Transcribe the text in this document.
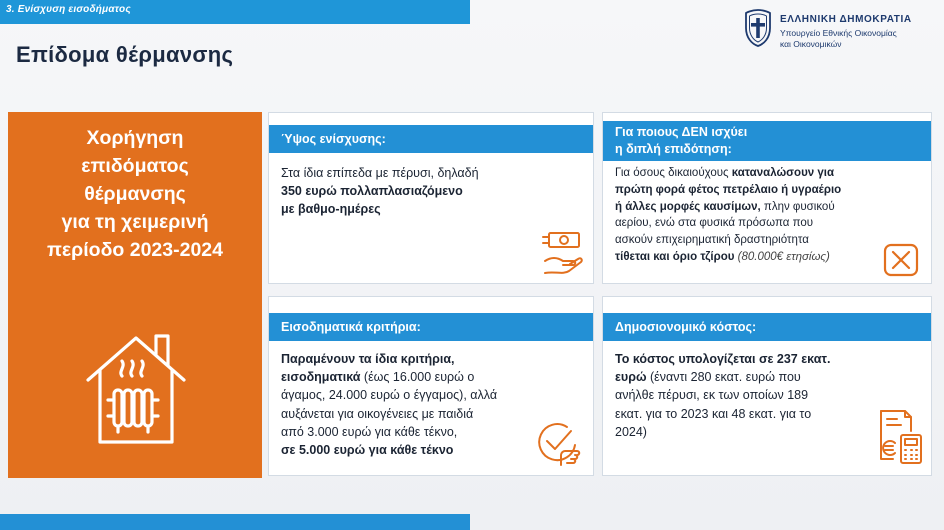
3. Ενίσχυση εισοδήματος
Επίδομα θέρμανσης
ΕΛΛΗΝΙΚΗ ΔΗΜΟΚΡΑΤΙΑ
Υπουργείο Εθνικής Οικονομίας
και Οικονομικών
Χορήγηση
επιδόματος
θέρμανσης
για τη χειμερινή
περίοδο 2023-2024
Ύψος ενίσχυσης:
Στα ίδια επίπεδα με πέρυσι, δηλαδή
350 ευρώ πολλαπλασιαζόμενο
με βαθμο-ημέρες
Για ποιους ΔΕΝ ισχύει
η διπλή επιδότηση:
Για όσους δικαιούχους καταναλώσουν για
πρώτη φορά φέτος πετρέλαιο ή υγραέριο
ή άλλες μορφές καυσίμων, πλην φυσικού
αερίου, ενώ στα φυσικά πρόσωπα που
ασκούν επιχειρηματική δραστηριότητα
τίθεται και όριο τζίρου (80.000€ ετησίως)
Εισοδηματικά κριτήρια:
Παραμένουν τα ίδια κριτήρια,
εισοδηματικά (έως 16.000 ευρώ ο
άγαμος, 24.000 ευρώ ο έγγαμος), αλλά
αυξάνεται για οικογένειες με παιδιά
από 3.000 ευρώ για κάθε τέκνο,
σε 5.000 ευρώ για κάθε τέκνο
Δημοσιονομικό κόστος:
Το κόστος υπολογίζεται σε 237 εκατ.
ευρώ (έναντι 280 εκατ. ευρώ που
ανήλθε πέρυσι, εκ των οποίων 189
εκατ. για το 2023 και 48 εκατ. για το
2024)
